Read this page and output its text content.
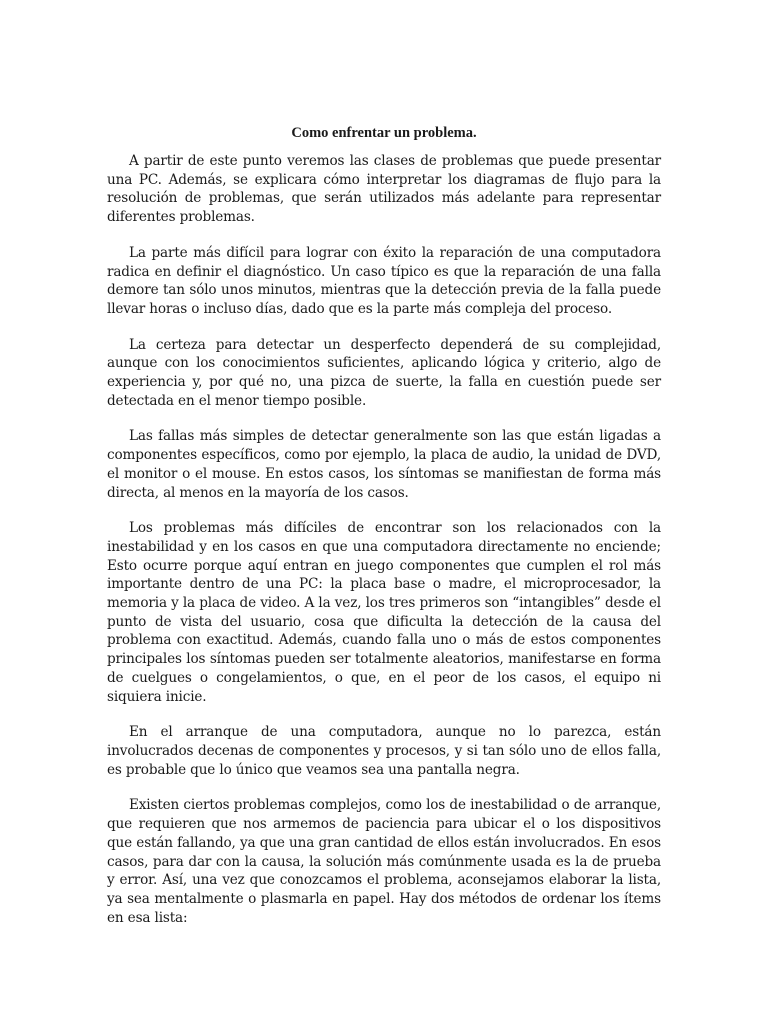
Como enfrentar un problema.

A partir de este punto veremos las clases de problemas que puede presentar una PC. Además, se explicara cómo interpretar los diagramas de flujo para la resolución de problemas, que serán utilizados más adelante para representar diferentes problemas.

La parte más difícil para lograr con éxito la reparación de una computadora radica en definir el diagnóstico. Un caso típico es que la reparación de una falla demore tan sólo unos minutos, mientras que la detección previa de la falla puede llevar horas o incluso días, dado que es la parte más compleja del proceso.

La certeza para detectar un desperfecto dependerá de su complejidad, aunque con los conocimientos suficientes, aplicando lógica y criterio, algo de experiencia y, por qué no, una pizca de suerte, la falla en cuestión puede ser detectada en el menor tiempo posible.

Las fallas más simples de detectar generalmente son las que están ligadas a componentes específicos, como por ejemplo, la placa de audio, la unidad de DVD, el monitor o el mouse. En estos casos, los síntomas se manifiestan de forma más directa, al menos en la mayoría de los casos.

Los problemas más difíciles de encontrar son los relacionados con la inestabilidad y en los casos en que una computadora directamente no enciende; Esto ocurre porque aquí entran en juego componentes que cumplen el rol más importante dentro de una PC: la placa base o madre, el microprocesador, la memoria y la placa de video. A la vez, los tres primeros son “intangibles” desde el punto de vista del usuario, cosa que dificulta la detección de la causa del problema con exactitud. Además, cuando falla uno o más de estos componentes principales los síntomas pueden ser totalmente aleatorios, manifestarse en forma de cuelgues o congelamientos, o que, en el peor de los casos, el equipo ni siquiera inicie.

En el arranque de una computadora, aunque no lo parezca, están involucrados decenas de componentes y procesos, y si tan sólo uno de ellos falla, es probable que lo único que veamos sea una pantalla negra.

Existen ciertos problemas complejos, como los de inestabilidad o de arranque, que requieren que nos armemos de paciencia para ubicar el o los dispositivos que están fallando, ya que una gran cantidad de ellos están involucrados. En esos casos, para dar con la causa, la solución más comúnmente usada es la de prueba y error. Así, una vez que conozcamos el problema, aconsejamos elaborar la lista, ya sea mentalmente o plasmarla en papel. Hay dos métodos de ordenar los ítems en esa lista:
